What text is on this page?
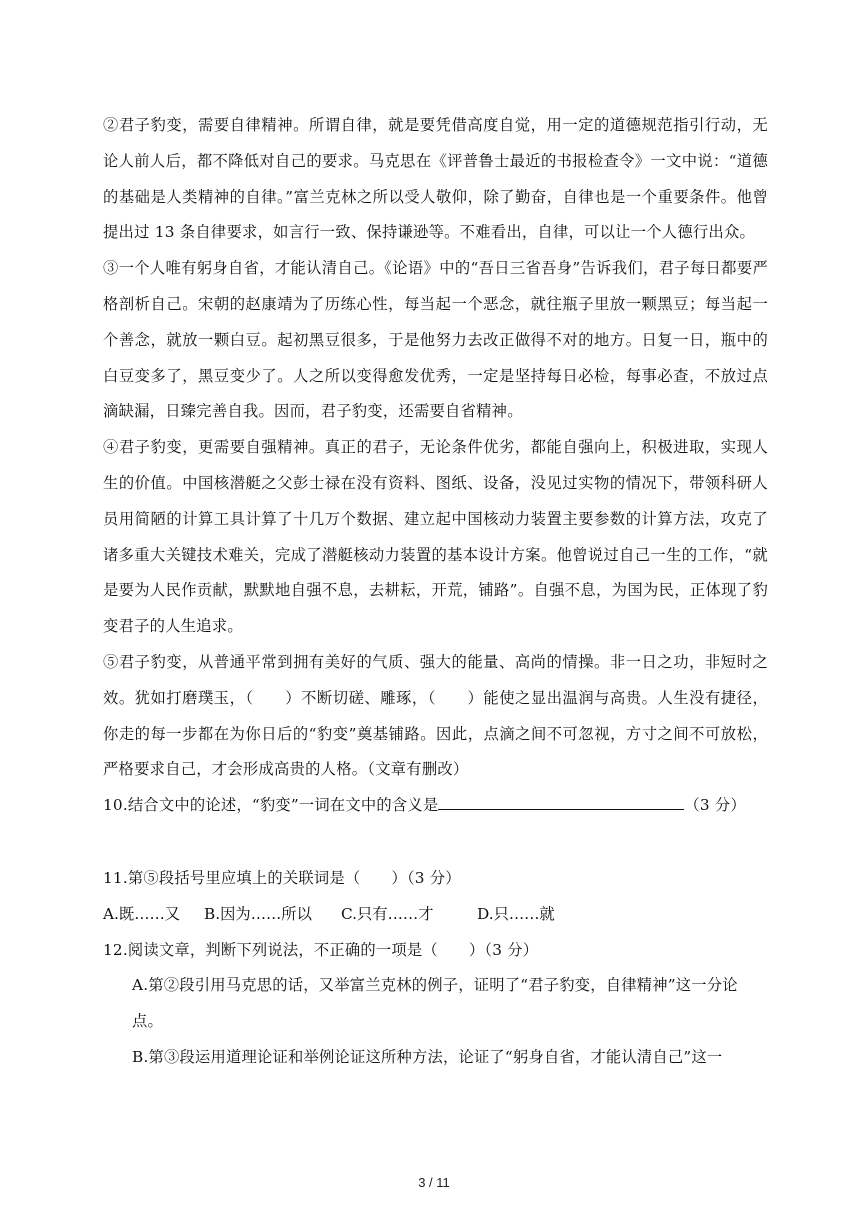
②君子豹变，需要自律精神。所谓自律，就是要凭借高度自觉，用一定的道德规范指引行动，无论人前人后，都不降低对自己的要求。马克思在《评普鲁士最近的书报检查令》一文中说：“道德的基础是人类精神的自律。”富兰克林之所以受人敬仰，除了勤奋，自律也是一个重要条件。他曾提出过 13 条自律要求，如言行一致、保持谦逊等。不难看出，自律，可以让一个人德行出众。

③一个人唯有躬身自省，才能认清自己。《论语》中的“吾日三省吾身”告诉我们，君子每日都要严格剖析自己。宋朝的赵康靖为了历练心性，每当起一个恶念，就往瓶子里放一颗黑豆；每当起一个善念，就放一颗白豆。起初黑豆很多，于是他努力去改正做得不对的地方。日复一日，瓶中的白豆变多了，黑豆变少了。人之所以变得愈发优秀，一定是坚持每日必检，每事必查，不放过点滴缺漏，日臻完善自我。因而，君子豹变，还需要自省精神。

④君子豹变，更需要自强精神。真正的君子，无论条件优劣，都能自强向上，积极进取，实现人生的价值。中国核潜艇之父彭士禄在没有资料、图纸、设备，没见过实物的情况下，带领科研人员用简陋的计算工具计算了十几万个数据、建立起中国核动力装置主要参数的计算方法，攻克了诸多重大关键技术难关，完成了潜艇核动力装置的基本设计方案。他曾说过自己一生的工作，“就是要为人民作贡献，默默地自强不息，去耕耘，开荒，铺路”。自强不息，为国为民，正体现了豹变君子的人生追求。

⑤君子豹变，从普通平常到拥有美好的气质、强大的能量、高尚的情操。非一日之功，非短时之效。犹如打磨璞玉，（　　）不断切磋、雕琢，（　　）能使之显出温润与高贵。人生没有捷径，你走的每一步都在为你日后的“豹变”奠基铺路。因此，点滴之间不可忽视，方寸之间不可放松，严格要求自己，才会形成高贵的人格。（文章有删改）

10.结合文中的论述，“豹变”一词在文中的含义是	（3 分）

11.第⑤段括号里应填上的关联词是（　　）（3 分）

A.既……又	B.因为……所以	C.只有……才	D.只……就

12.阅读文章，判断下列说法，不正确的一项是（　　）（3 分）

A.第②段引用马克思的话，又举富兰克林的例子，证明了“君子豹变，自律精神”这一分论点。

B.第③段运用道理论证和举例论证这所种方法，论证了“躬身自省，才能认清自己”这一

3 / 11
